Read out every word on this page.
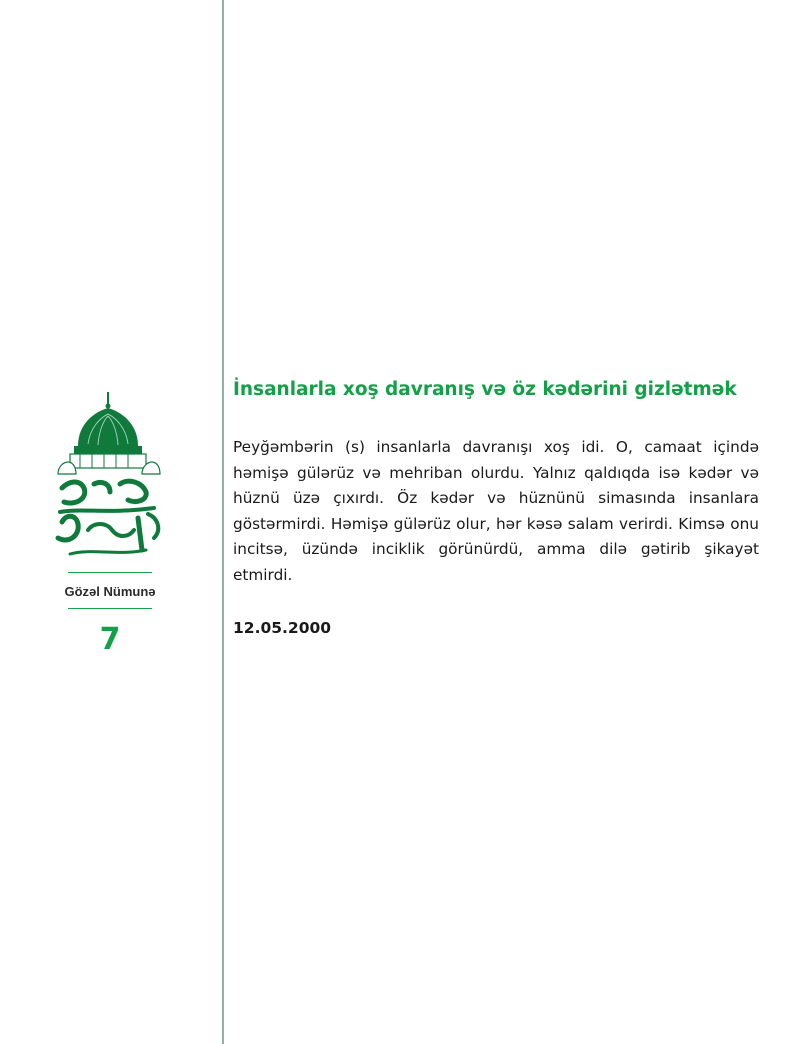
Gözəl Nümunə
7
İnsanlarla xoş davranış və öz kədərini gizlətmək

Peyğəmbərin (s) insanlarla davranışı xoş idi. O, camaat içində həmişə gülərüz və mehriban olurdu. Yalnız qaldıqda isə kədər və hüznü üzə çıxırdı. Öz kədər və hüznünü simasında insanlara göstərmirdi. Həmişə gülərüz olur, hər kəsə salam verirdi. Kimsə onu incitsə, üzündə inciklik görünürdü, amma dilə gətirib şikayət etmirdi.

12.05.2000
